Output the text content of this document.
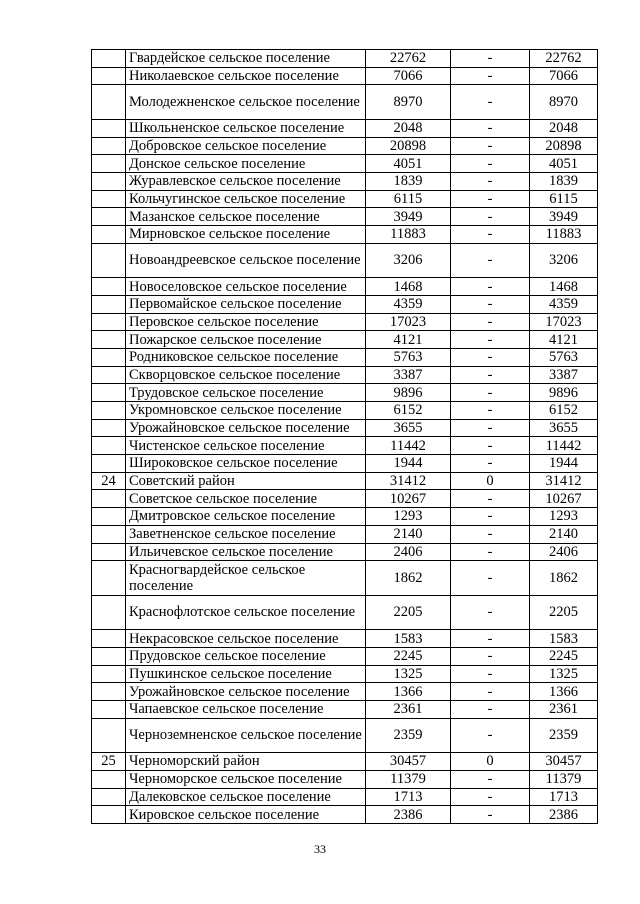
	Гвардейское сельское поселение	22762	-	22762
	Николаевское сельское поселение	7066	-	7066
	Молодежненское сельское поселение	8970	-	8970
	Школьненское сельское поселение	2048	-	2048
	Добровское сельское поселение	20898	-	20898
	Донское сельское поселение	4051	-	4051
	Журавлевское сельское поселение	1839	-	1839
	Кольчугинское сельское поселение	6115	-	6115
	Мазанское сельское поселение	3949	-	3949
	Мирновское сельское поселение	11883	-	11883
	Новоандреевское сельское поселение	3206	-	3206
	Новоселовское сельское поселение	1468	-	1468
	Первомайское сельское поселение	4359	-	4359
	Перовское сельское поселение	17023	-	17023
	Пожарское сельское поселение	4121	-	4121
	Родниковское сельское поселение	5763	-	5763
	Скворцовское сельское поселение	3387	-	3387
	Трудовское сельское поселение	9896	-	9896
	Укромновское сельское поселение	6152	-	6152
	Урожайновское сельское поселение	3655	-	3655
	Чистенское сельское поселение	11442	-	11442
	Широковское сельское поселение	1944	-	1944
24	Советский район	31412	0	31412
	Советское сельское поселение	10267	-	10267
	Дмитровское сельское поселение	1293	-	1293
	Заветненское сельское поселение	2140	-	2140
	Ильичевское сельское поселение	2406	-	2406
	Красногвардейское сельское поселение	1862	-	1862
	Краснофлотское сельское поселение	2205	-	2205
	Некрасовское сельское поселение	1583	-	1583
	Прудовское сельское поселение	2245	-	2245
	Пушкинское сельское поселение	1325	-	1325
	Урожайновское сельское поселение	1366	-	1366
	Чапаевское сельское поселение	2361	-	2361
	Черноземненское сельское поселение	2359	-	2359
25	Черноморский район	30457	0	30457
	Черноморское сельское поселение	11379	-	11379
	Далековское сельское поселение	1713	-	1713
	Кировское сельское поселение	2386	-	2386
33
